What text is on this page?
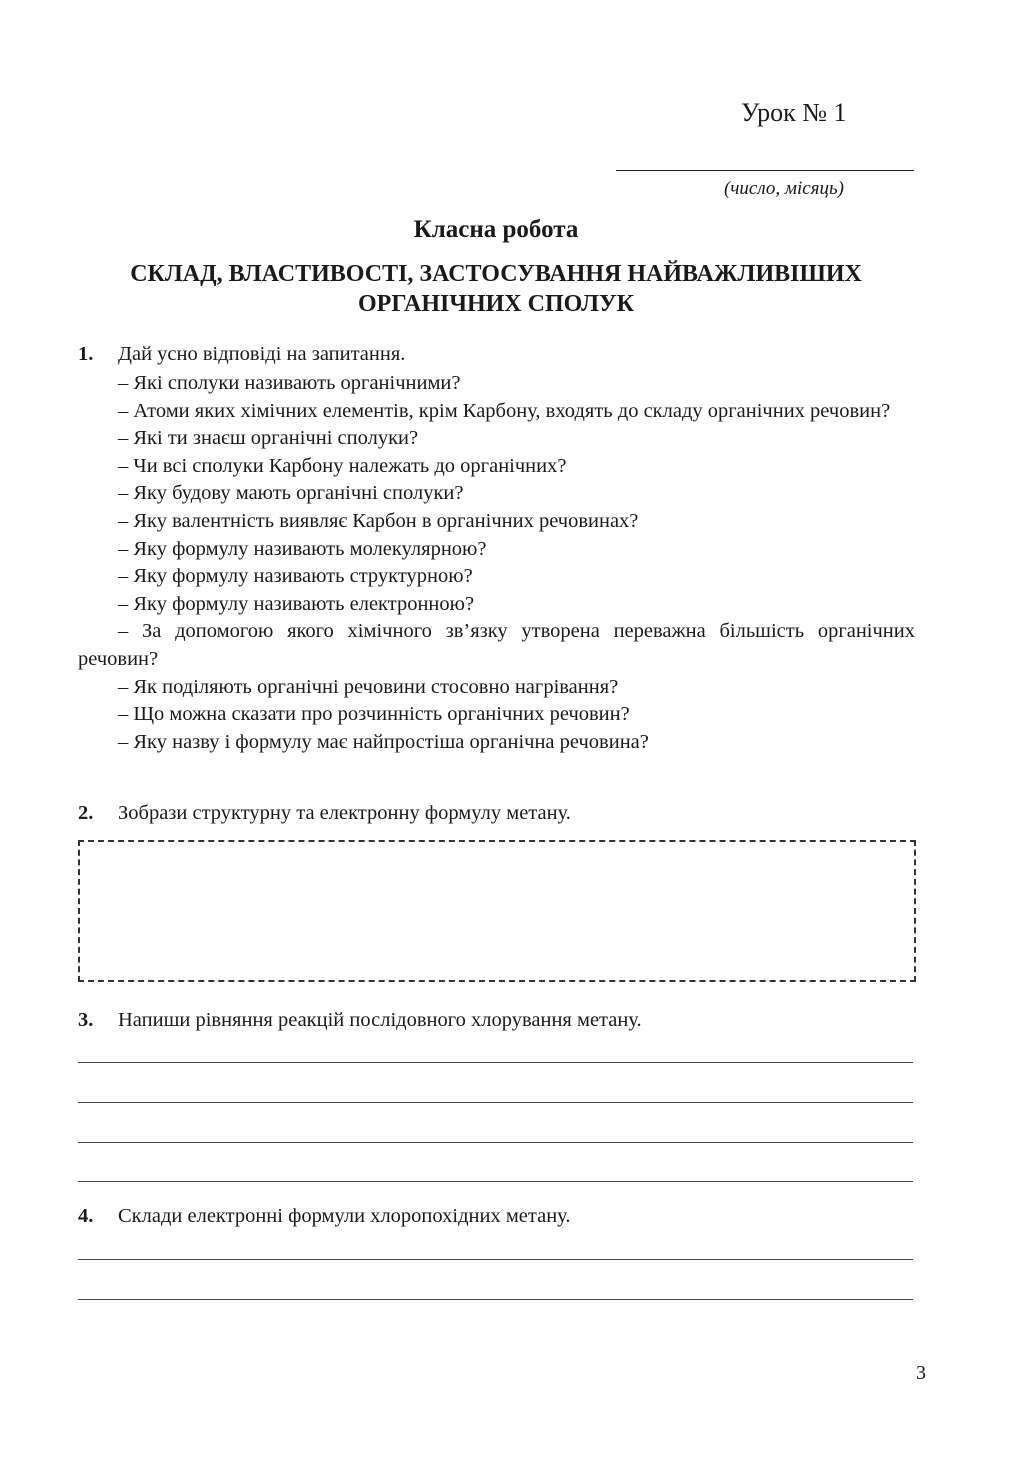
Урок № 1
(число, місяць)
Класна робота
СКЛАД, ВЛАСТИВОСТІ, ЗАСТОСУВАННЯ НАЙВАЖЛИВІШИХ
ОРГАНІЧНИХ СПОЛУК
1. Дай усно відповіді на запитання.
– Які сполуки називають органічними?
– Атоми яких хімічних елементів, крім Карбону, входять до складу органічних речовин?
– Які ти знаєш органічні сполуки?
– Чи всі сполуки Карбону належать до органічних?
– Яку будову мають органічні сполуки?
– Яку валентність виявляє Карбон в органічних речовинах?
– Яку формулу називають молекулярною?
– Яку формулу називають структурною?
– Яку формулу називають електронною?
– За допомогою якого хімічного зв’язку утворена переважна більшість органічних речовин?
– Як поділяють органічні речовини стосовно нагрівання?
– Що можна сказати про розчинність органічних речовин?
– Яку назву і формулу має найпростіша органічна речовина?
2. Зобрази структурну та електронну формулу метану.
3. Напиши рівняння реакцій послідовного хлорування метану.
4. Склади електронні формули хлоропохідних метану.
3
